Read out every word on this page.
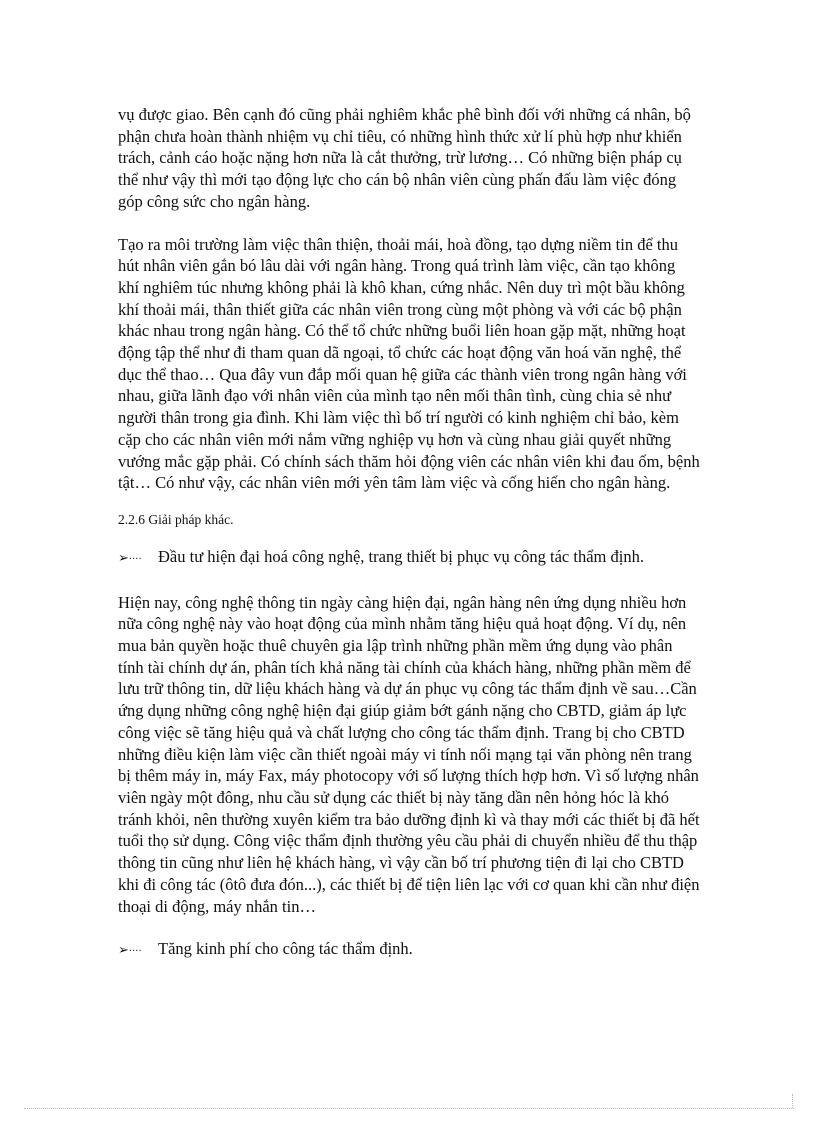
vụ được giao. Bên cạnh đó cũng phải nghiêm khắc phê bình đối với những cá nhân, bộ phận chưa hoàn thành nhiệm vụ chỉ tiêu, có những hình thức xử lí phù hợp như khiển trách, cảnh cáo hoặc nặng hơn nữa là cắt thưởng, trừ lương… Có những biện pháp cụ thể như vậy thì mới tạo động lực cho cán bộ nhân viên cùng phấn đấu làm việc đóng góp công sức cho ngân hàng.

Tạo ra môi trường làm việc thân thiện, thoải mái, hoà đồng, tạo dựng niềm tin để thu hút nhân viên gắn bó lâu dài với ngân hàng. Trong quá trình làm việc, cần tạo không khí nghiêm túc nhưng không phải là khô khan, cứng nhắc. Nên duy trì một bầu không khí thoải mái, thân thiết giữa các nhân viên trong cùng một phòng và với các bộ phận khác nhau trong ngân hàng. Có thể tổ chức những buổi liên hoan gặp mặt, những hoạt động tập thể như đi tham quan dã ngoại, tổ chức các hoạt động văn hoá văn nghệ, thể dục thể thao… Qua đây vun đắp mối quan hệ giữa các thành viên trong ngân hàng với nhau, giữa lãnh đạo với nhân viên của mình tạo nên mối thân tình, cùng chia sẻ như người thân trong gia đình. Khi làm việc thì bố trí người có kinh nghiệm chỉ bảo, kèm cặp cho các nhân viên mới nắm vững nghiệp vụ hơn và cùng nhau giải quyết những vướng mắc gặp phải. Có chính sách thăm hỏi động viên các nhân viên khi đau ốm, bệnh tật… Có như vậy, các nhân viên mới yên tâm làm việc và cống hiến cho ngân hàng.

2.2.6 Giải pháp khác.

➢···· Đầu tư hiện đại hoá công nghệ, trang thiết bị phục vụ công tác thẩm định.

Hiện nay, công nghệ thông tin ngày càng hiện đại, ngân hàng nên ứng dụng nhiều hơn nữa công nghệ này vào hoạt động của mình nhằm tăng hiệu quả hoạt động. Ví dụ, nên mua bản quyền hoặc thuê chuyên gia lập trình những phần mềm ứng dụng vào phân tính tài chính dự án, phân tích khả năng tài chính của khách hàng, những phần mềm để lưu trữ thông tin, dữ liệu khách hàng và dự án phục vụ công tác thẩm định về sau…Cần ứng dụng những công nghệ hiện đại giúp giảm bớt gánh nặng cho CBTD, giảm áp lực công việc sẽ tăng hiệu quả và chất lượng cho công tác thẩm định. Trang bị cho CBTD những điều kiện làm việc cần thiết ngoài máy vi tính nối mạng tại văn phòng nên trang bị thêm máy in, máy Fax, máy photocopy với số lượng thích hợp hơn. Vì số lượng nhân viên ngày một đông, nhu cầu sử dụng các thiết bị này tăng dần nên hỏng hóc là khó tránh khỏi, nên thường xuyên kiểm tra bảo dưỡng định kì và thay mới các thiết bị đã hết tuổi thọ sử dụng. Công việc thẩm định thường yêu cầu phải di chuyển nhiều để thu thập thông tin cũng như liên hệ khách hàng, vì vậy cần bố trí phương tiện đi lại cho CBTD khi đi công tác (ôtô đưa đón...), các thiết bị để tiện liên lạc với cơ quan khi cần như điện thoại di động, máy nhắn tin…

➢···· Tăng kinh phí cho công tác thẩm định.
